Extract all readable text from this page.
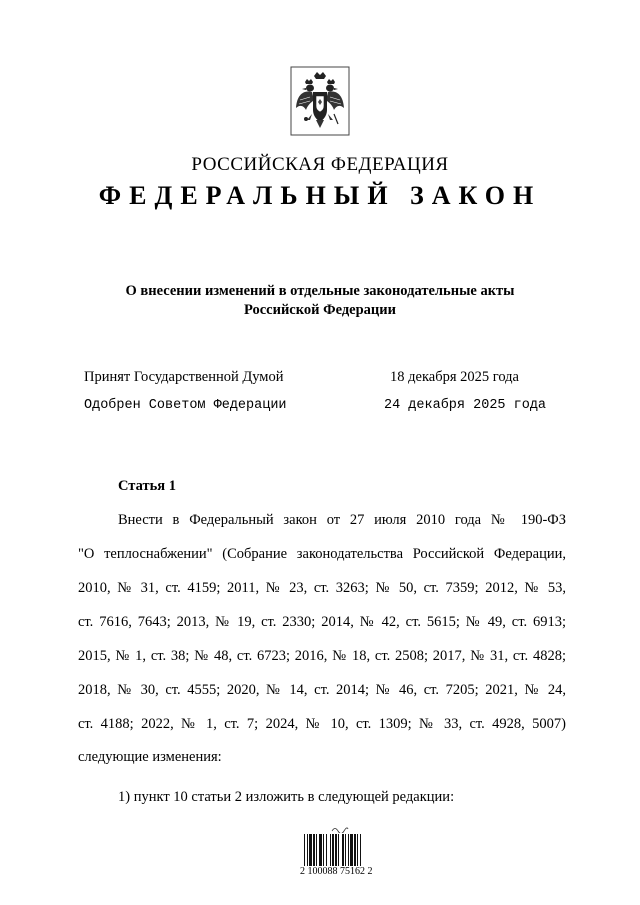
РОССИЙСКАЯ ФЕДЕРАЦИЯ
ФЕДЕРАЛЬНЫЙ ЗАКОН
О внесении изменений в отдельные законодательные акты
Российской Федерации
Принят Государственной Думой	18 декабря 2025 года
Одобрен Советом Федерации	24 декабря 2025 года
Статья 1
Внести в Федеральный закон от 27 июля 2010 года № 190-ФЗ
"О теплоснабжении" (Собрание законодательства Российской Федерации,
2010, № 31, ст. 4159; 2011, № 23, ст. 3263; № 50, ст. 7359; 2012, № 53,
ст. 7616, 7643; 2013, № 19, ст. 2330; 2014, № 42, ст. 5615; № 49, ст. 6913;
2015, № 1, ст. 38; № 48, ст. 6723; 2016, № 18, ст. 2508; 2017, № 31, ст. 4828;
2018, № 30, ст. 4555; 2020, № 14, ст. 2014; № 46, ст. 7205; 2021, № 24,
ст. 4188; 2022, № 1, ст. 7; 2024, № 10, ст. 1309; № 33, ст. 4928, 5007)
следующие изменения:
1) пункт 10 статьи 2 изложить в следующей редакции:
2 100088 75162 2
